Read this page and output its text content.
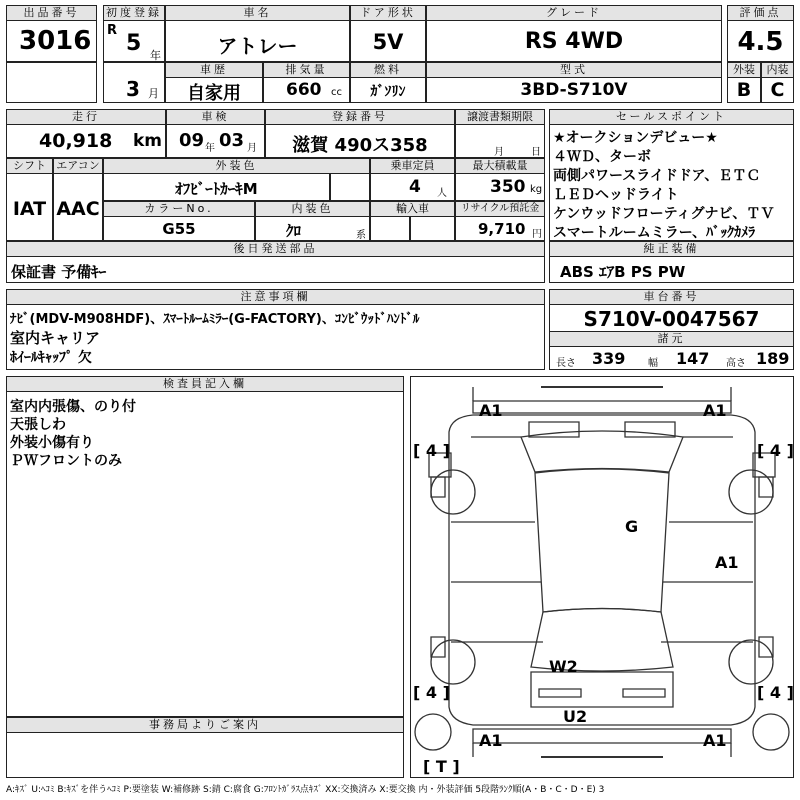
出品番号
3016
初度登録
R
5 年
3 月
車名
アトレー
ドア形状
5V
グレード
RS 4WD
評価点
4.5
車歴
自家用
排気量
660 cc
燃料
ｶﾞｿﾘﾝ
型式
3BD-S710V
外装	内装
B	C
走行
40,918 km
車検
09 年 03 月
登録番号
滋賀 490ス358
譲渡書類期限
月	日
セールスポイント
★オークションデビュー★
４ＷＤ、ターボ
両側パワースライドドア、ＥＴＣ
ＬＥＤヘッドライト
ケンウッドフローティグナビ、ＴＶ
スマートルームミラー、ﾊﾞｯｸｶﾒﾗ
シフト
IAT
エアコン
AAC
外装色
ｵﾌﾋﾞｰﾄｶｰｷM
乗車定員
4 人
最大積載量
350 kg
カラーNo.
G55
内装色
ｸﾛ	系
輸入車	リサイクル預託金
9,710 円
後日発送部品
保証書 予備ｷｰ
純正装備
ABS ｴｱB PS PW
注意事項欄
ﾅﾋﾞ(MDV-M908HDF)、ｽﾏｰﾄﾙｰﾑﾐﾗｰ(G-FACTORY)、ｺﾝﾋﾞｳｯﾄﾞﾊﾝﾄﾞﾙ
室内キャリア
ﾎｲｰﾙｷｬｯﾌﾟ 欠
車台番号
S710V-0047567
諸元
長さ 339 幅 147 高さ 189
検査員記入欄
室内内張傷、のり付
天張しわ
外装小傷有り
ＰＷフロントのみ
事務局よりご案内
A1	A1
[ 4 ]	[ 4 ]
G
A1
W2
[ 4 ]	[ 4 ]
U2
A1	A1
[ T ]
A:ｷｽﾞ U:ﾍｺﾐ B:ｷｽﾞを伴うﾍｺﾐ P:要塗装 W:補修跡 S:錆 C:腐食 G:ﾌﾛﾝﾄｶﾞﾗｽ点ｷｽﾞ XX:交換済み X:要交換 内・外装評価 5段階ﾗﾝｸ順(A・B・C・D・E) 3
